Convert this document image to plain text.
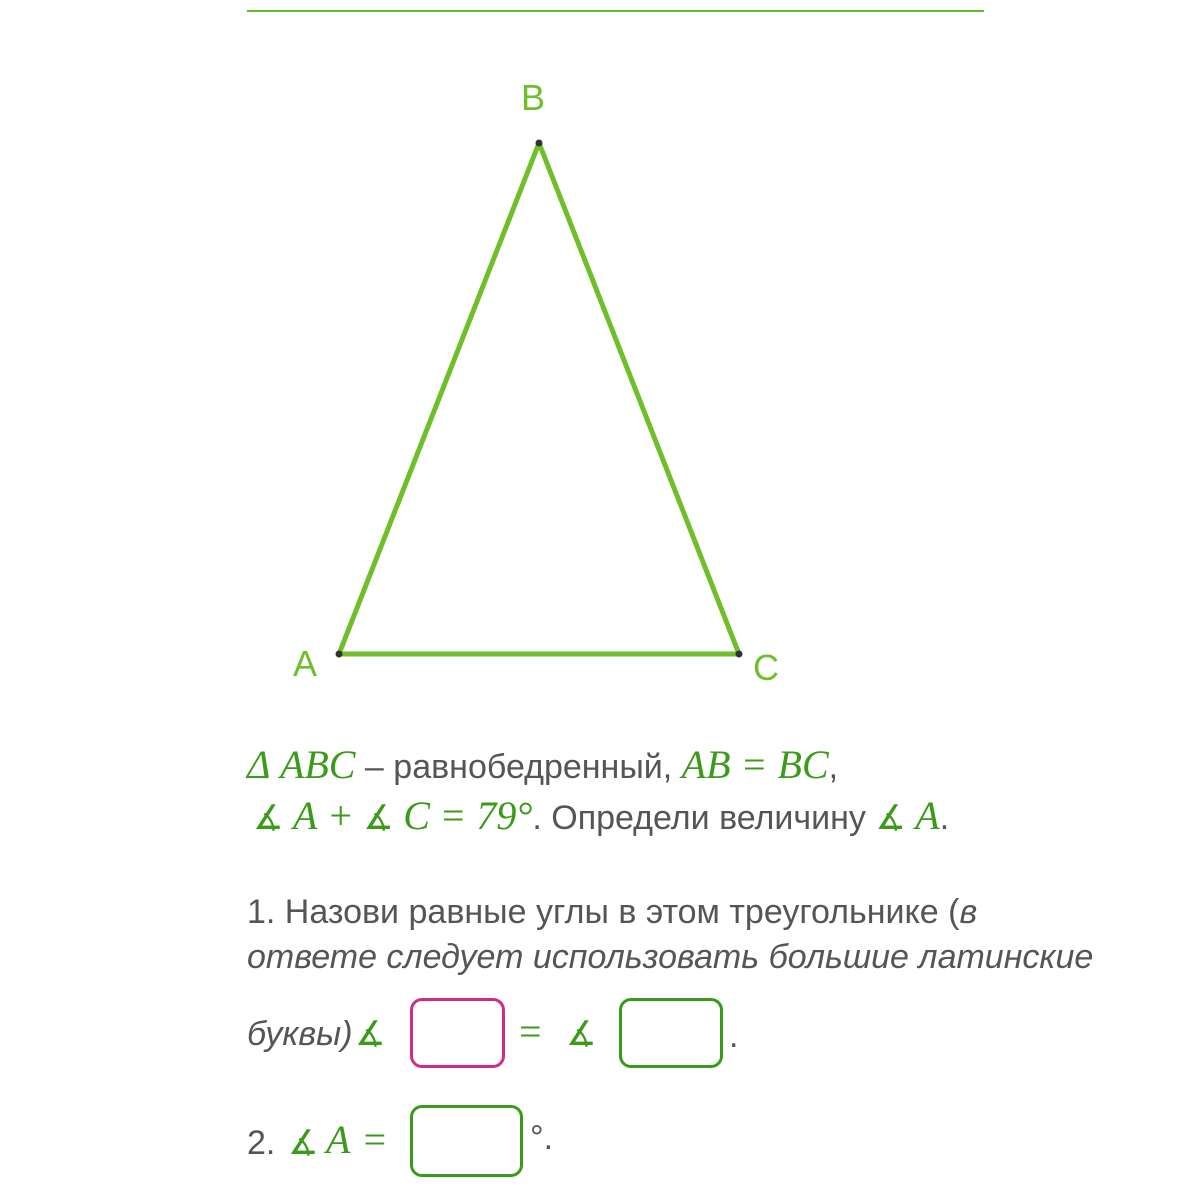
B
A	C
Δ ABC – равнобедренный, AB = BC,
∡ A + ∡ C = 79°. Определи величину ∡ A.
1. Назови равные углы в этом треугольнике (в
ответе следует использовать большие латинские
буквы) ∡	= ∡	.
2. ∡ A =	°.
